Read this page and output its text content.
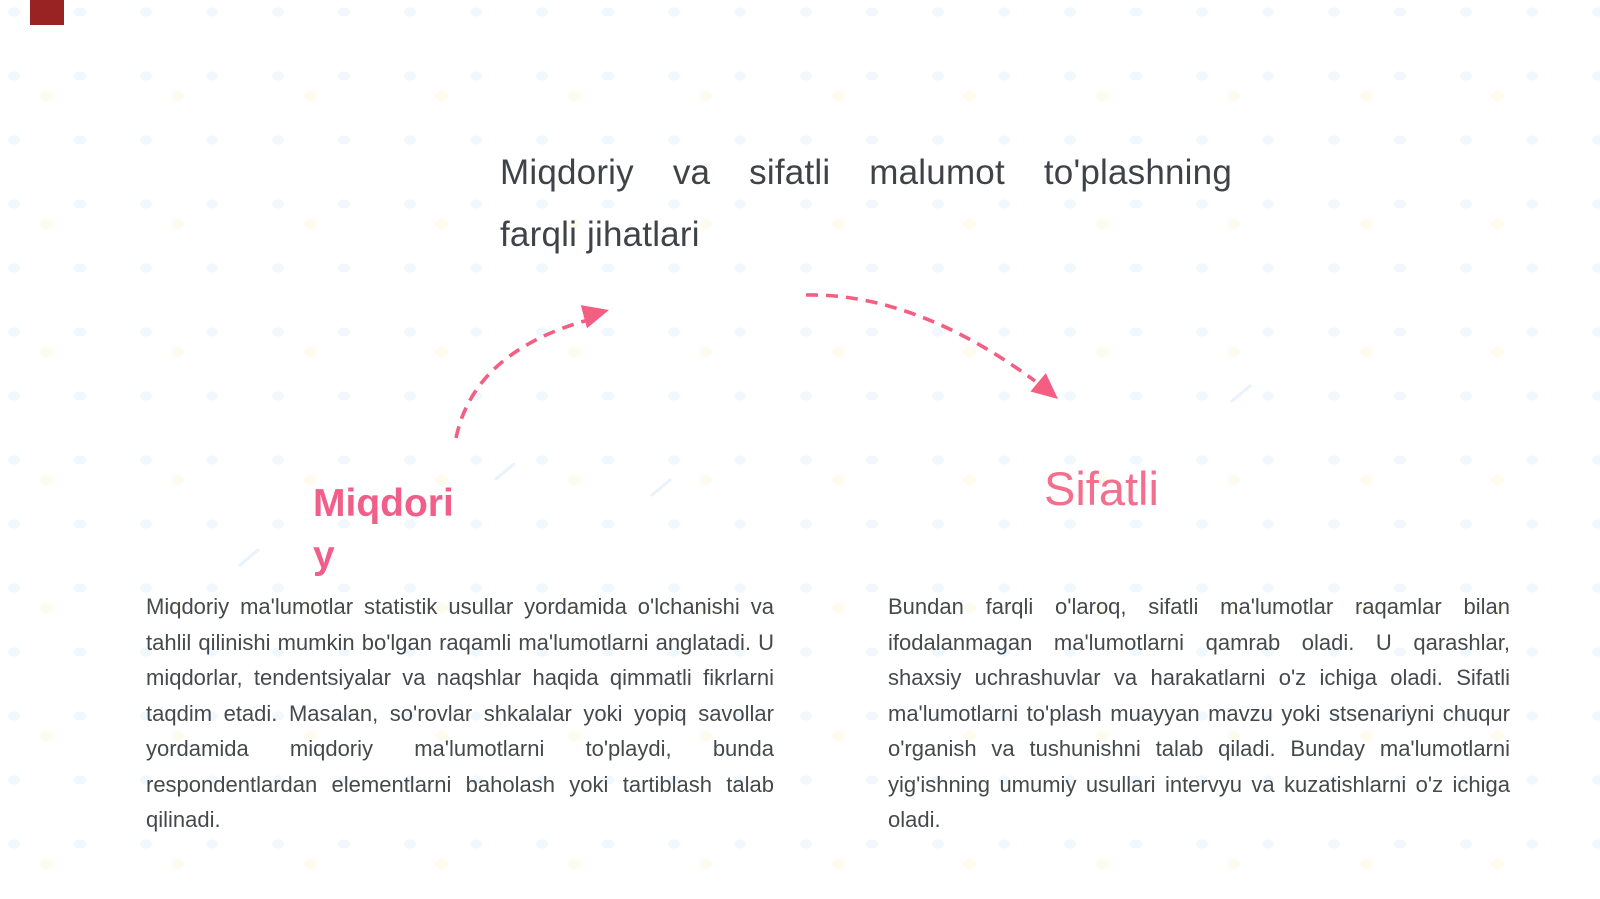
Miqdoriy va sifatli malumot to'plashning
farqli jihatlari
Miqdoriy
Sifatli
Miqdoriy ma'lumotlar statistik usullar yordamida o'lchanishi va tahlil qilinishi mumkin bo'lgan raqamli ma'lumotlarni anglatadi. U miqdorlar, tendentsiyalar va naqshlar haqida qimmatli fikrlarni taqdim etadi. Masalan, so'rovlar shkalalar yoki yopiq savollar yordamida miqdoriy ma'lumotlarni to'playdi, bunda respondentlardan elementlarni baholash yoki tartiblash talab qilinadi.
Bundan farqli o'laroq, sifatli ma'lumotlar raqamlar bilan ifodalanmagan ma'lumotlarni qamrab oladi. U qarashlar, shaxsiy uchrashuvlar va harakatlarni o'z ichiga oladi. Sifatli ma'lumotlarni to'plash muayyan mavzu yoki stsenariyni chuqur o'rganish va tushunishni talab qiladi. Bunday ma'lumotlarni yig'ishning umumiy usullari intervyu va kuzatishlarni o'z ichiga oladi.
